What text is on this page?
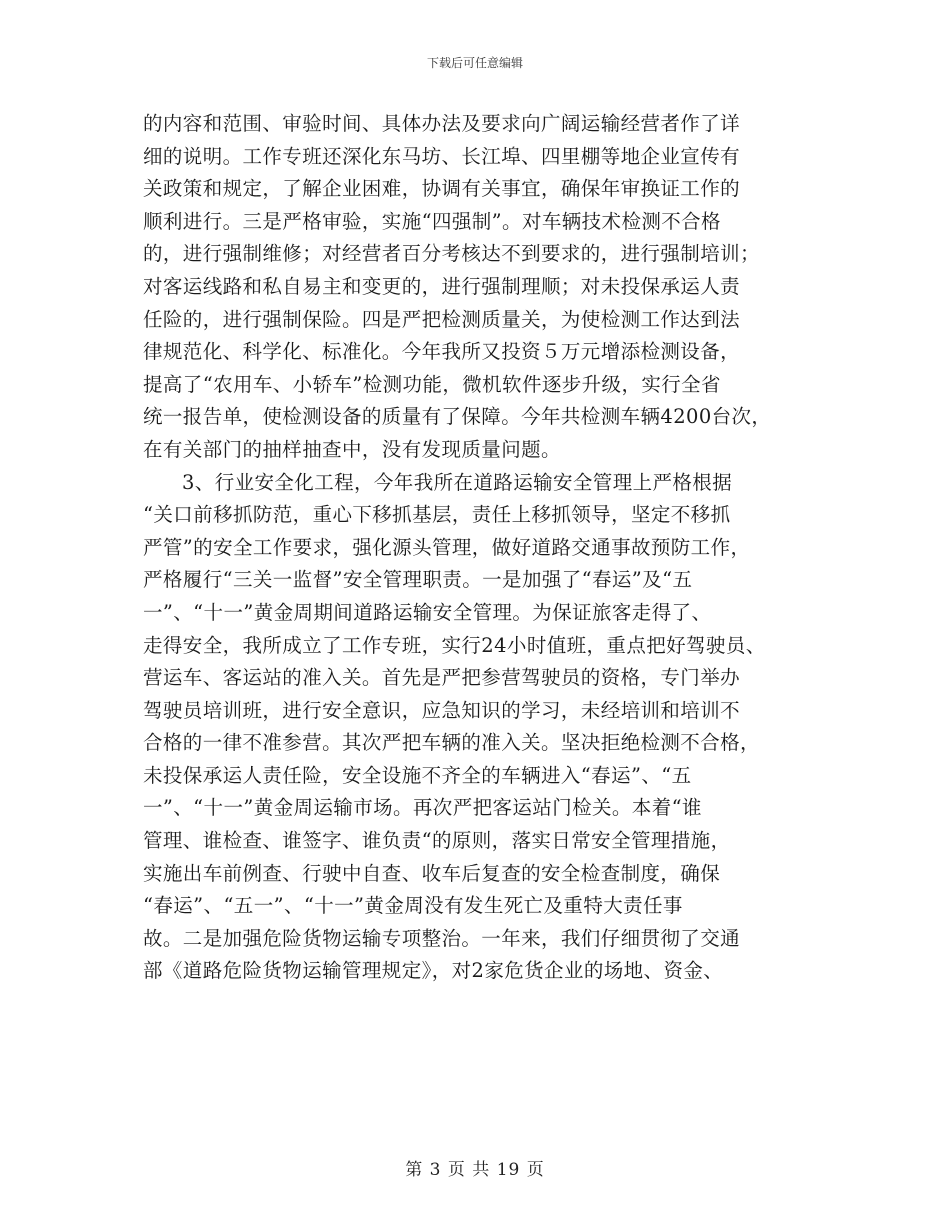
下载后可任意编辑
的内容和范围、审验时间、具体办法及要求向广阔运输经营者作了详
细的说明。工作专班还深化东马坊、长江埠、四里棚等地企业宣传有
关政策和规定，了解企业困难，协调有关事宜，确保年审换证工作的
顺利进行。三是严格审验，实施“四强制”。对车辆技术检测不合格
的，进行强制维修；对经营者百分考核达不到要求的，进行强制培训；
对客运线路和私自易主和变更的，进行强制理顺；对未投保承运人责
任险的，进行强制保险。四是严把检测质量关，为使检测工作达到法
律规范化、科学化、标准化。今年我所又投资５万元增添检测设备，
提高了“农用车、小轿车”检测功能，微机软件逐步升级，实行全省
统一报告单，使检测设备的质量有了保障。今年共检测车辆4200台次，
在有关部门的抽样抽查中，没有发现质量问题。
3、行业安全化工程，今年我所在道路运输安全管理上严格根据
“关口前移抓防范，重心下移抓基层，责任上移抓领导，坚定不移抓
严管”的安全工作要求，强化源头管理，做好道路交通事故预防工作，
严格履行“三关一监督”安全管理职责。一是加强了“春运”及“五
一”、“十一”黄金周期间道路运输安全管理。为保证旅客走得了、
走得安全，我所成立了工作专班，实行24小时值班，重点把好驾驶员、
营运车、客运站的准入关。首先是严把参营驾驶员的资格，专门举办
驾驶员培训班，进行安全意识，应急知识的学习，未经培训和培训不
合格的一律不准参营。其次严把车辆的准入关。坚决拒绝检测不合格，
未投保承运人责任险，安全设施不齐全的车辆进入“春运”、“五
一”、“十一”黄金周运输市场。再次严把客运站门检关。本着“谁
管理、谁检查、谁签字、谁负责“的原则，落实日常安全管理措施，
实施出车前例查、行驶中自查、收车后复查的安全检查制度，确保
“春运”、“五一”、“十一”黄金周没有发生死亡及重特大责任事
故。二是加强危险货物运输专项整治。一年来，我们仔细贯彻了交通
部《道路危险货物运输管理规定》，对2家危货企业的场地、资金、
第 3 页 共 19 页
